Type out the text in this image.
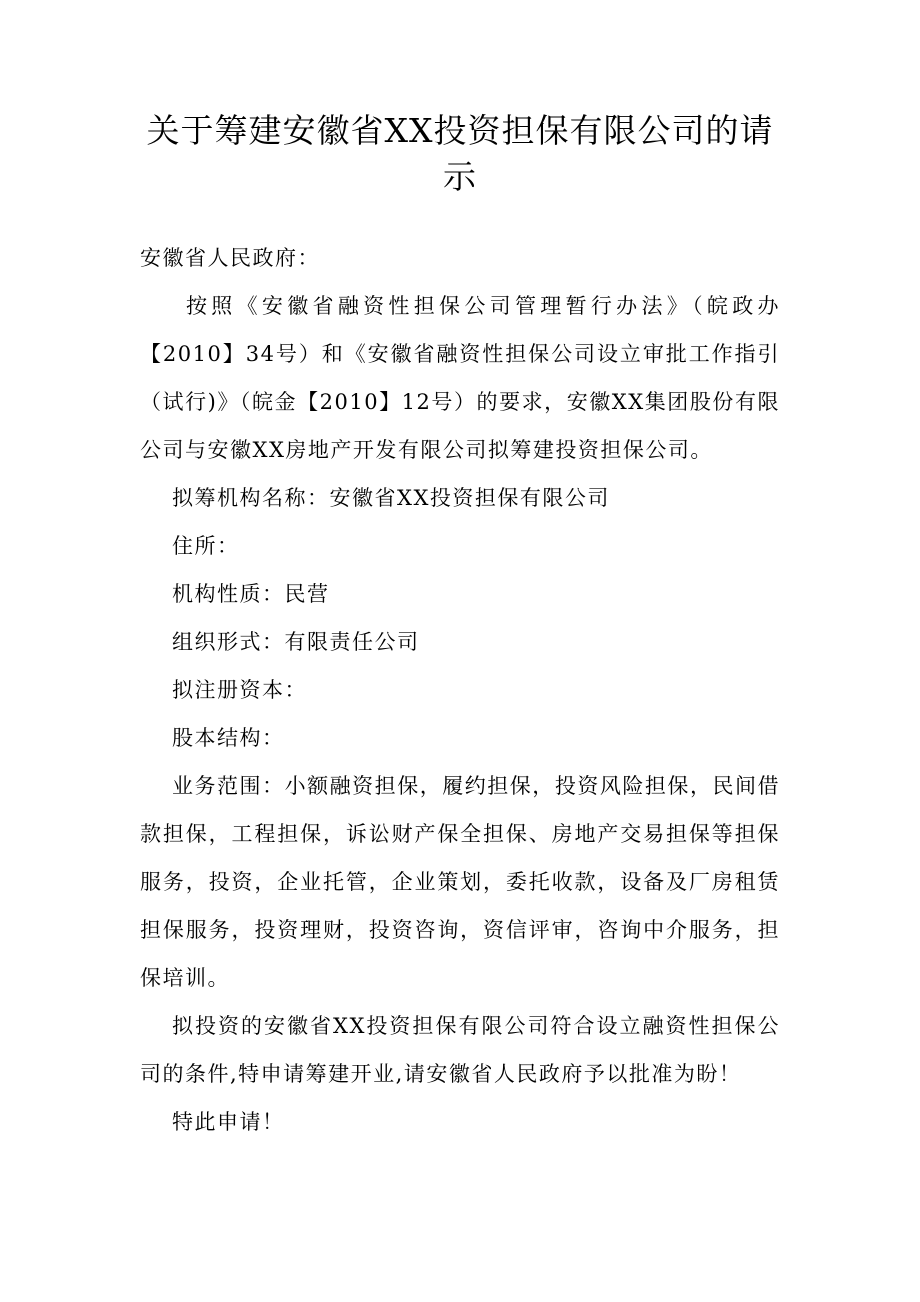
关于筹建安徽省XX投资担保有限公司的请示

安徽省人民政府：

按照《安徽省融资性担保公司管理暂行办法》（皖政办【2010】34号）和《安徽省融资性担保公司设立审批工作指引（试行)》（皖金【2010】12号）的要求，安徽XX集团股份有限公司与安徽XX房地产开发有限公司拟筹建投资担保公司。

拟筹机构名称：安徽省XX投资担保有限公司

住所：

机构性质：民营

组织形式：有限责任公司

拟注册资本：

股本结构：

业务范围：小额融资担保，履约担保，投资风险担保，民间借款担保，工程担保，诉讼财产保全担保、房地产交易担保等担保服务，投资，企业托管，企业策划，委托收款，设备及厂房租赁担保服务，投资理财，投资咨询，资信评审，咨询中介服务，担保培训。

拟投资的安徽省XX投资担保有限公司符合设立融资性担保公司的条件,特申请筹建开业,请安徽省人民政府予以批准为盼！

特此申请！
